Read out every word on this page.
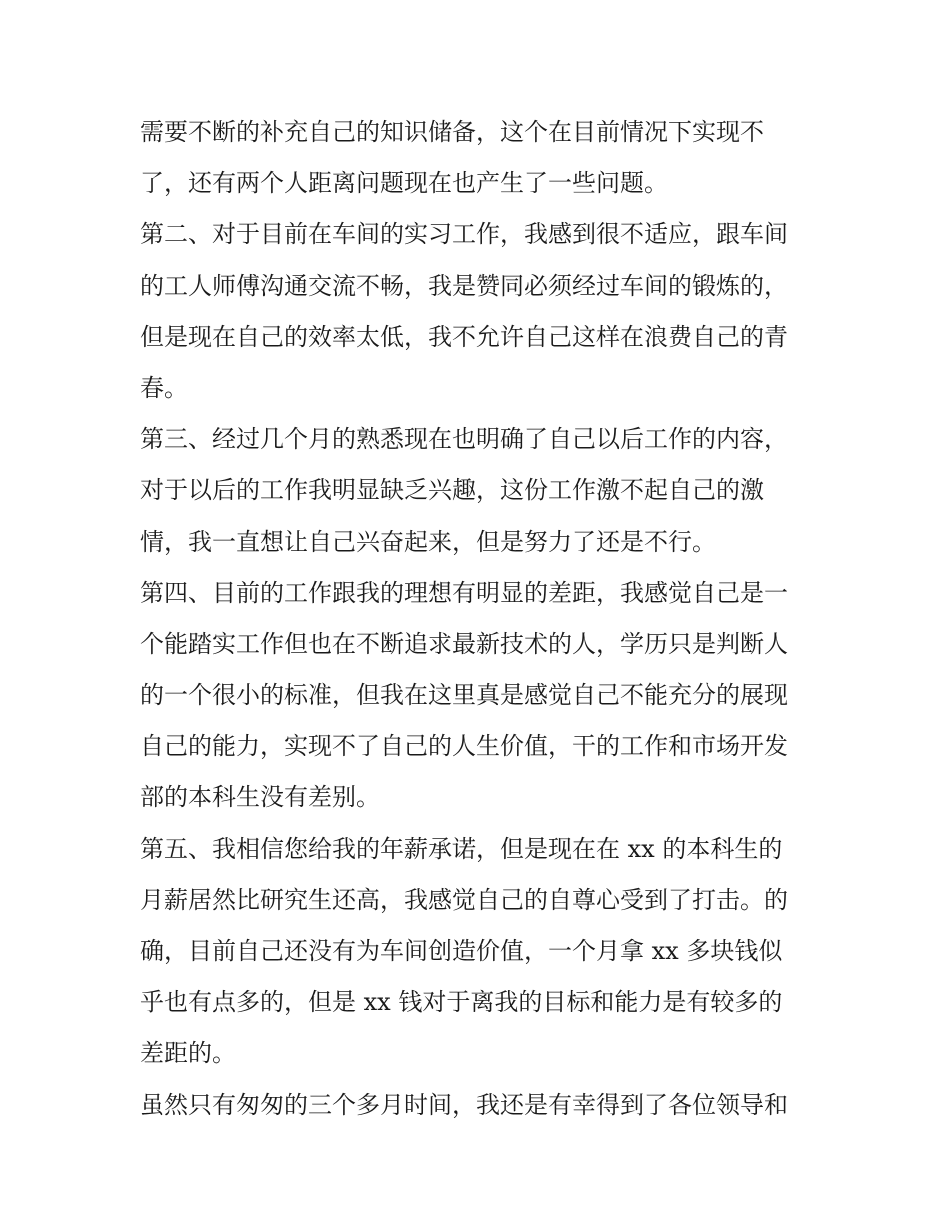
需要不断的补充自己的知识储备，这个在目前情况下实现不
了，还有两个人距离问题现在也产生了一些问题。
第二、对于目前在车间的实习工作，我感到很不适应，跟车间
的工人师傅沟通交流不畅，我是赞同必须经过车间的锻炼的，
但是现在自己的效率太低，我不允许自己这样在浪费自己的青
春。
第三、经过几个月的熟悉现在也明确了自己以后工作的内容，
对于以后的工作我明显缺乏兴趣，这份工作激不起自己的激
情，我一直想让自己兴奋起来，但是努力了还是不行。
第四、目前的工作跟我的理想有明显的差距，我感觉自己是一
个能踏实工作但也在不断追求最新技术的人，学历只是判断人
的一个很小的标准，但我在这里真是感觉自己不能充分的展现
自己的能力，实现不了自己的人生价值，干的工作和市场开发
部的本科生没有差别。
第五、我相信您给我的年薪承诺，但是现在在 xx 的本科生的
月薪居然比研究生还高，我感觉自己的自尊心受到了打击。的
确，目前自己还没有为车间创造价值，一个月拿 xx 多块钱似
乎也有点多的，但是 xx 钱对于离我的目标和能力是有较多的
差距的。
虽然只有匆匆的三个多月时间，我还是有幸得到了各位领导和
